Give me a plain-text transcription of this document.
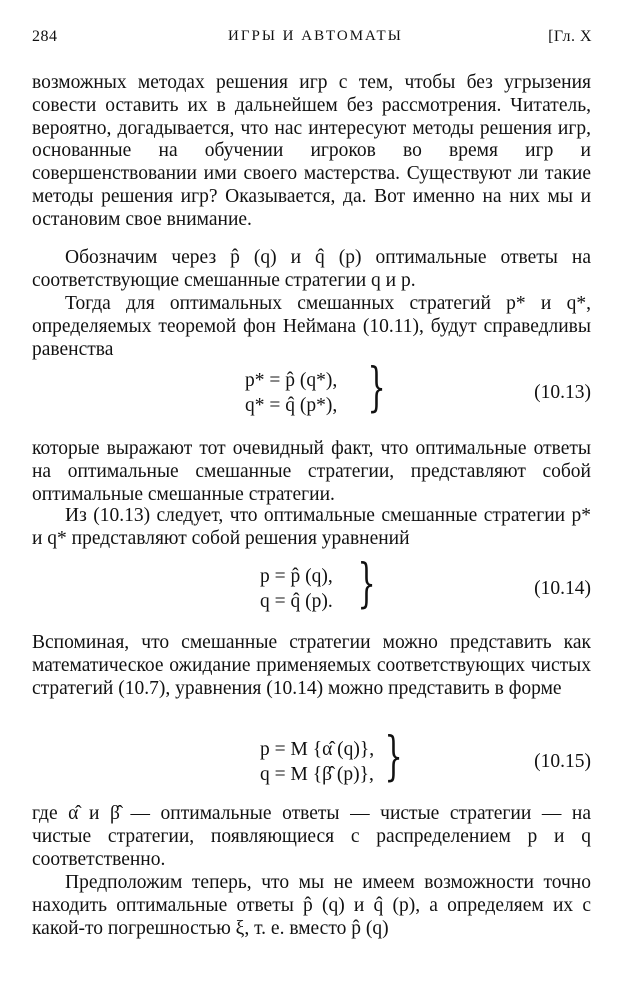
284	ИГРЫ И АВТОМАТЫ	[Гл. X
возможных методах решения игр с тем, чтобы без угрызения совести оставить их в дальнейшем без рассмотрения. Читатель, вероятно, догадывается, что нас интересуют методы решения игр, основанные на обучении игроков во время игр и совершенствовании ими своего мастерства. Существуют ли такие методы решения игр? Оказывается, да. Вот именно на них мы и остановим свое внимание.
Обозначим через p̂ (q) и q̂ (p) оптимальные ответы на соответствующие смешанные стратегии q и p.
Тогда для оптимальных смешанных стратегий p* и q*, определяемых теоремой фон Неймана (10.11), будут справедливы равенства
p* = p̂ (q*),
q* = q̂ (p*), }	(10.13)
которые выражают тот очевидный факт, что оптимальные ответы на оптимальные смешанные стратегии, представляют собой оптимальные смешанные стратегии.
Из (10.13) следует, что оптимальные смешанные стратегии p* и q* представляют собой решения уравнений
p = p̂ (q),
q = q̂ (p). }	(10.14)
Вспоминая, что смешанные стратегии можно представить как математическое ожидание применяемых соответствующих чистых стратегий (10.7), уравнения (10.14) можно представить в форме
p = M {α̂ (q)},
q = M {β̂ (p)}, }	(10.15)
где α̂ и β̂ — оптимальные ответы — чистые стратегии — на чистые стратегии, появляющиеся с распределением p и q соответственно.
Предположим теперь, что мы не имеем возможности точно находить оптимальные ответы p̂ (q) и q̂ (p), а определяем их с какой-то погрешностью ξ, т. е. вместо p̂ (q)
